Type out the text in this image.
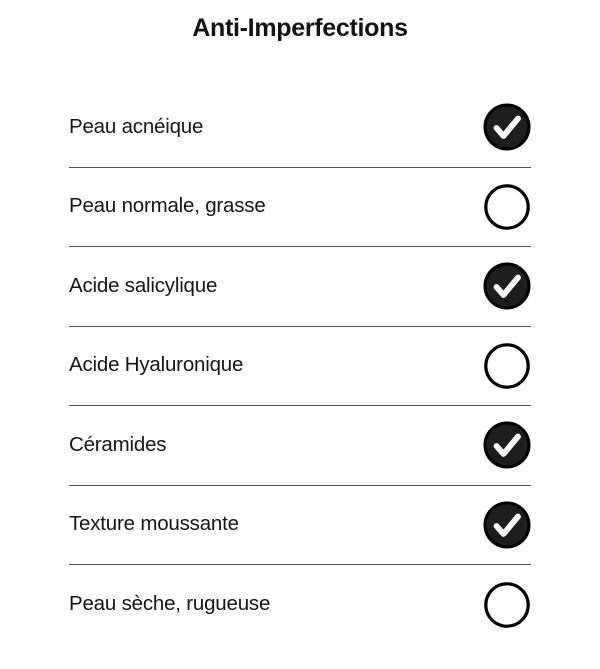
Anti-Imperfections
Peau acnéique
Peau normale, grasse
Acide salicylique
Acide Hyaluronique
Céramides
Texture moussante
Peau sèche, rugueuse
